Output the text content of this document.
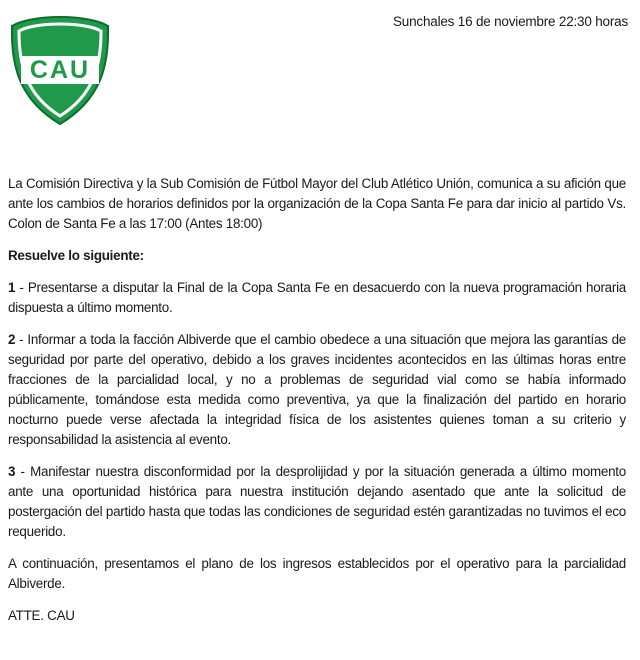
CAU
Sunchales 16 de noviembre 22:30 horas

La Comisión Directiva y la Sub Comisión de Fútbol Mayor del Club Atlético Unión, comunica a su afición que ante los cambios de horarios definidos por la organización de la Copa Santa Fe para dar inicio al partido Vs. Colon de Santa Fe a las 17:00 (Antes 18:00)

Resuelve lo siguiente:

1 - Presentarse a disputar la Final de la Copa Santa Fe en desacuerdo con la nueva programación horaria dispuesta a último momento.

2 - Informar a toda la facción Albiverde que el cambio obedece a una situación que mejora las garantías de seguridad por parte del operativo, debido a los graves incidentes acontecidos en las últimas horas entre fracciones de la parcialidad local, y no a problemas de seguridad vial como se había informado públicamente, tomándose esta medida como preventiva, ya que la finalización del partido en horario nocturno puede verse afectada la integridad física de los asistentes quienes toman a su criterio y responsabilidad la asistencia al evento.

3 - Manifestar nuestra disconformidad por la desprolijidad y por la situación generada a último momento ante una oportunidad histórica para nuestra institución dejando asentado que ante la solicitud de postergación del partido hasta que todas las condiciones de seguridad estén garantizadas no tuvimos el eco requerido.

A continuación, presentamos el plano de los ingresos establecidos por el operativo para la parcialidad Albiverde.

ATTE. CAU
